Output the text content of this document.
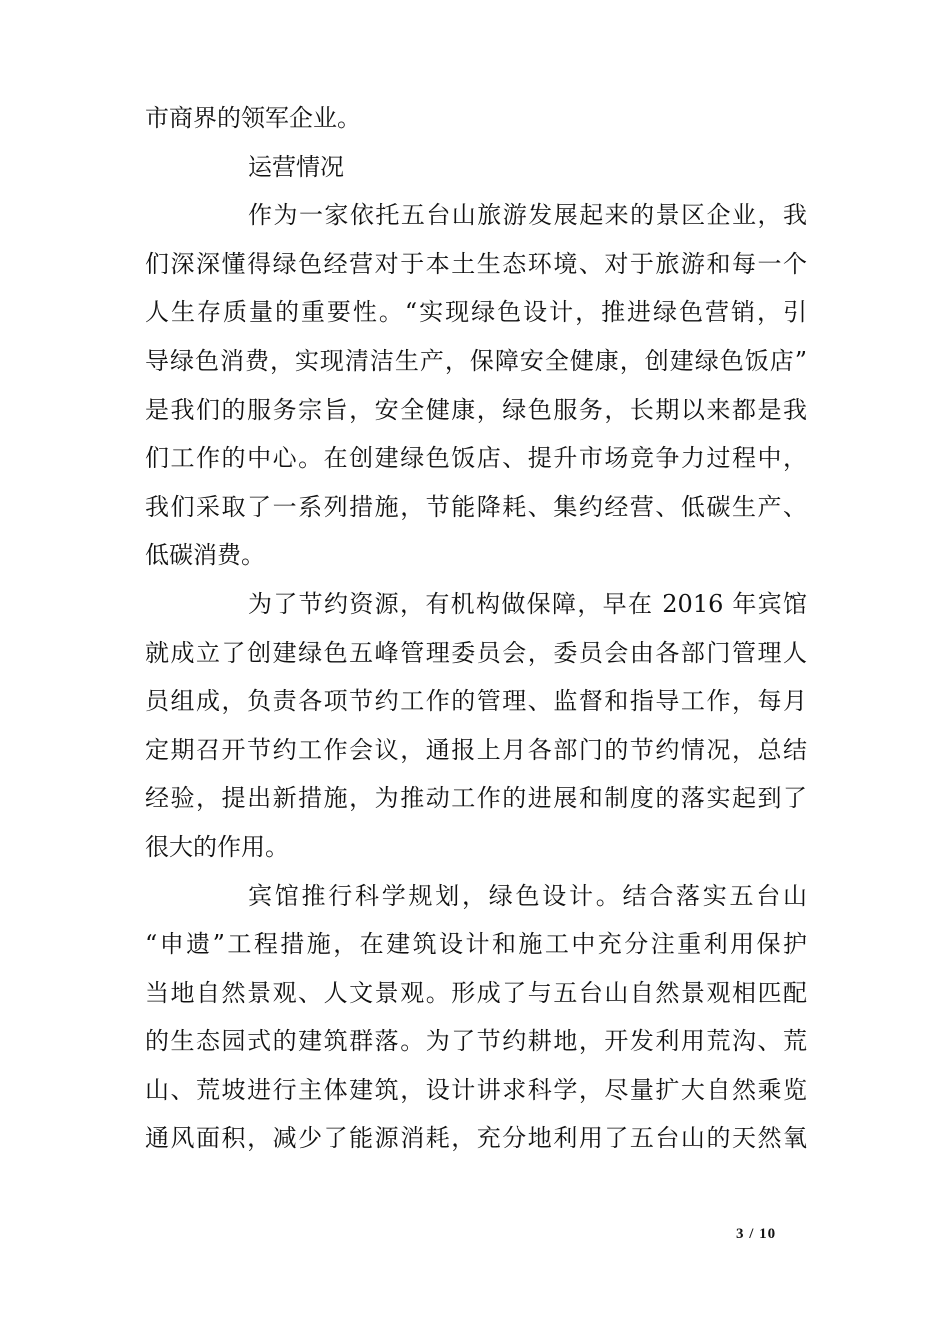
市商界的领军企业。
运营情况
作为一家依托五台山旅游发展起来的景区企业，我
们深深懂得绿色经营对于本土生态环境、对于旅游和每一个
人生存质量的重要性。“实现绿色设计，推进绿色营销，引
导绿色消费，实现清洁生产，保障安全健康，创建绿色饭店”
是我们的服务宗旨，安全健康，绿色服务，长期以来都是我
们工作的中心。在创建绿色饭店、提升市场竞争力过程中，
我们采取了一系列措施，节能降耗、集约经营、低碳生产、
低碳消费。
为了节约资源，有机构做保障，早在 2016 年宾馆
就成立了创建绿色五峰管理委员会，委员会由各部门管理人
员组成，负责各项节约工作的管理、监督和指导工作，每月
定期召开节约工作会议，通报上月各部门的节约情况，总结
经验，提出新措施，为推动工作的进展和制度的落实起到了
很大的作用。
宾馆推行科学规划，绿色设计。结合落实五台山
“申遗”工程措施，在建筑设计和施工中充分注重利用保护
当地自然景观、人文景观。形成了与五台山自然景观相匹配
的生态园式的建筑群落。为了节约耕地，开发利用荒沟、荒
山、荒坡进行主体建筑，设计讲求科学，尽量扩大自然乘览
通风面积，减少了能源消耗，充分地利用了五台山的天然氧
3 / 10
